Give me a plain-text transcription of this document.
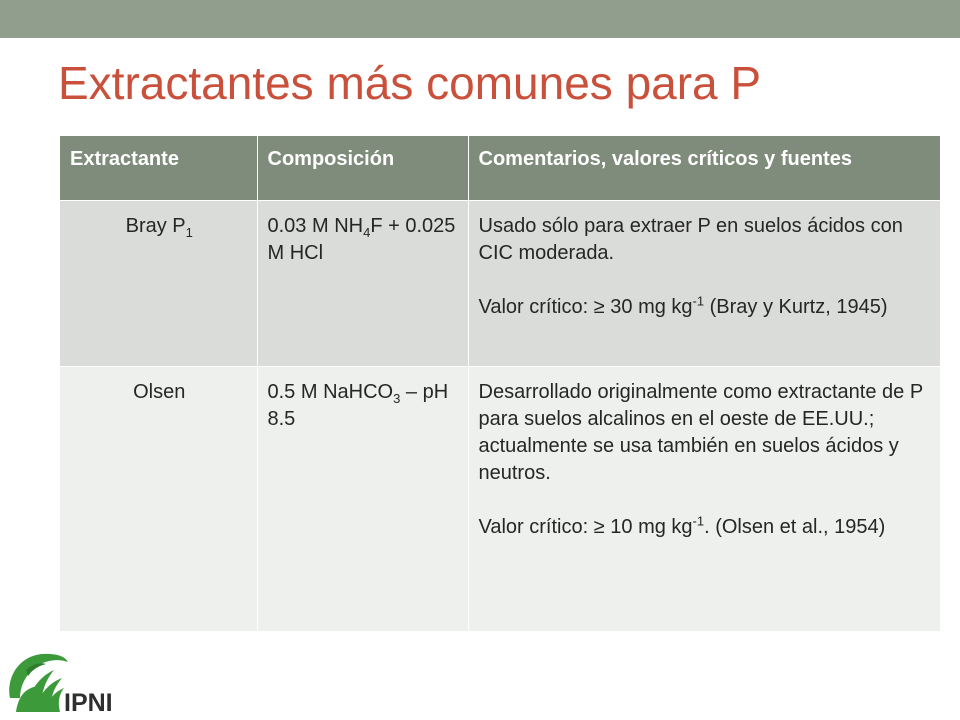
Extractantes más comunes para P
Extractante	Composición	Comentarios, valores críticos y fuentes
Bray $P_1$	0.03 M $NH_4F + 0.025$ M HCl	Usado sólo para extraer P en suelos ácidos con CIC moderada.
Valor crítico: ≥ 30 mg $kg^{-1}$ (Bray y Kurtz, 1945)
Olsen	0.5 M NaHCO$_3$ – pH 8.5	Desarrollado originalmente como extractante de P para suelos alcalinos en el oeste de EE.UU.; actualmente se usa también en suelos ácidos y neutros.
Valor crítico: ≥ 10 mg $kg^{-1}$. (Olsen et al., 1954)
IPNI
